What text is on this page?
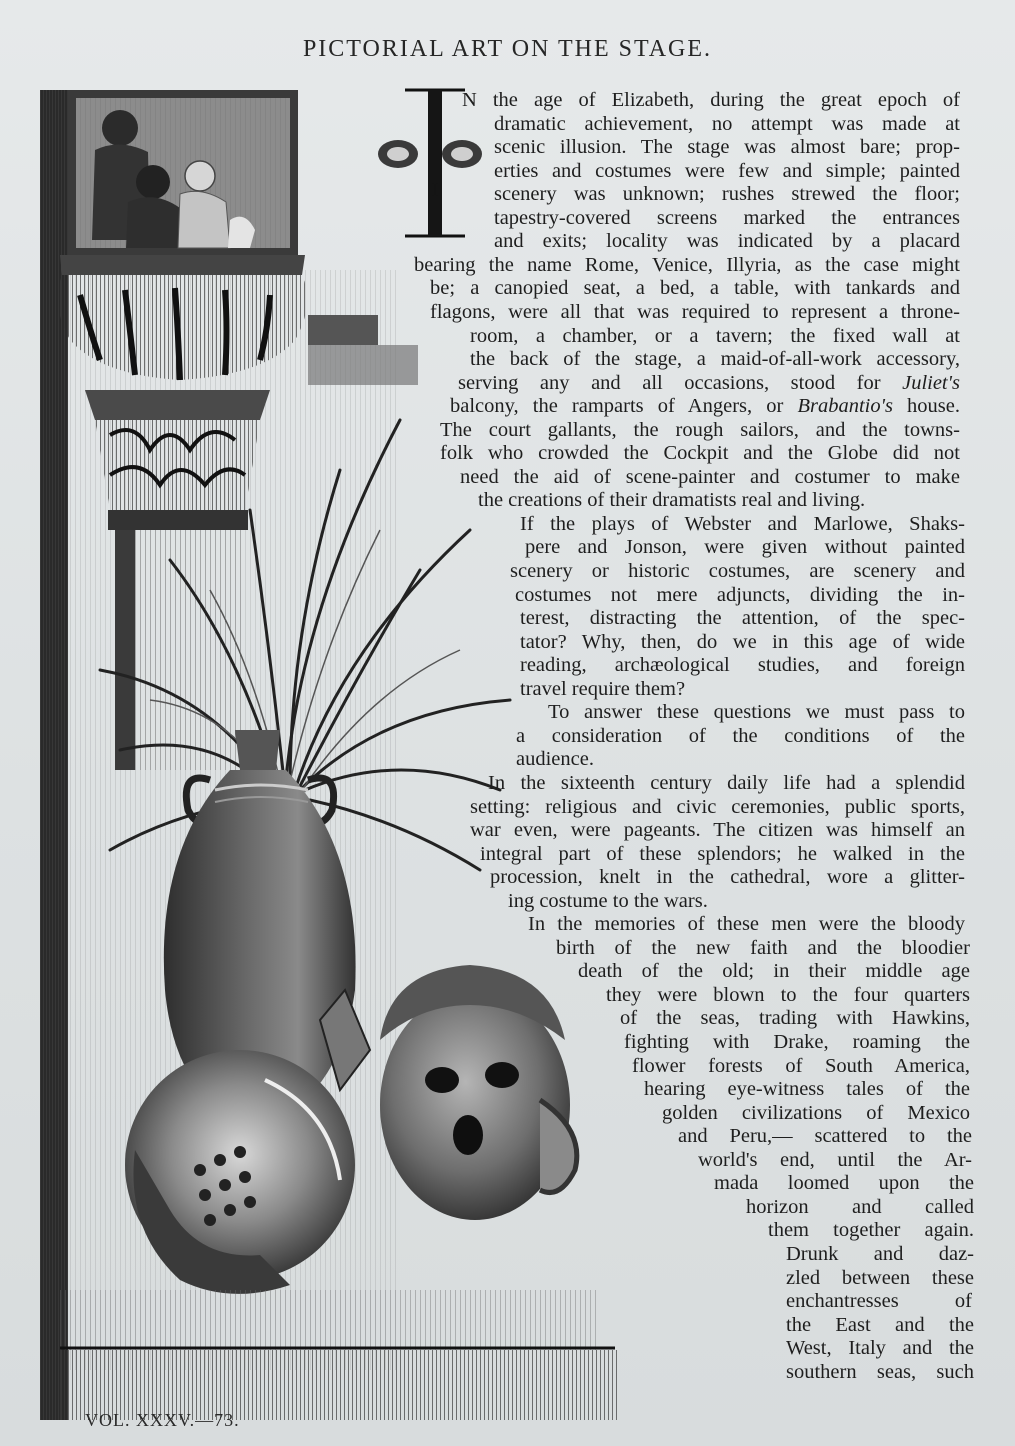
PICTORIAL ART ON THE STAGE.
I
N the age of Elizabeth, during the great epoch of
dramatic achievement, no attempt was made at
scenic illusion. The stage was almost bare; prop-
erties and costumes were few and simple; painted
scenery was unknown; rushes strewed the floor;
tapestry-covered screens marked the entrances
and exits; locality was indicated by a placard
bearing the name Rome, Venice, Illyria, as the case might
be; a canopied seat, a bed, a table, with tankards and
flagons, were all that was required to represent a throne-
room, a chamber, or a tavern; the fixed wall at
the back of the stage, a maid-of-all-work accessory,
serving any and all occasions, stood for Juliet's
balcony, the ramparts of Angers, or Brabantio's house.
The court gallants, the rough sailors, and the towns-
folk who crowded the Cockpit and the Globe did not
need the aid of scene-painter and costumer to make
the creations of their dramatists real and living.
If the plays of Webster and Marlowe, Shaks-
pere and Jonson, were given without painted
scenery or historic costumes, are scenery and
costumes not mere adjuncts, dividing the in-
terest, distracting the attention, of the spec-
tator? Why, then, do we in this age of wide
reading, archæological studies, and foreign
travel require them?
To answer these questions we must pass to
a consideration of the conditions of the
audience.
In the sixteenth century daily life had a splendid
setting: religious and civic ceremonies, public sports,
war even, were pageants. The citizen was himself an
integral part of these splendors; he walked in the
procession, knelt in the cathedral, wore a glitter-
ing costume to the wars.
In the memories of these men were the bloody
birth of the new faith and the bloodier
death of the old; in their middle age
they were blown to the four quarters
of the seas, trading with Hawkins,
fighting with Drake, roaming the
flower forests of South America,
hearing eye-witness tales of the
golden civilizations of Mexico
and Peru,— scattered to the
world's end, until the Ar-
mada loomed upon the
horizon and called
them together again.
Drunk and daz-
zled between these
enchantresses of
the East and the
West, Italy and the
southern seas, such
VOL. XXXV.—73.
